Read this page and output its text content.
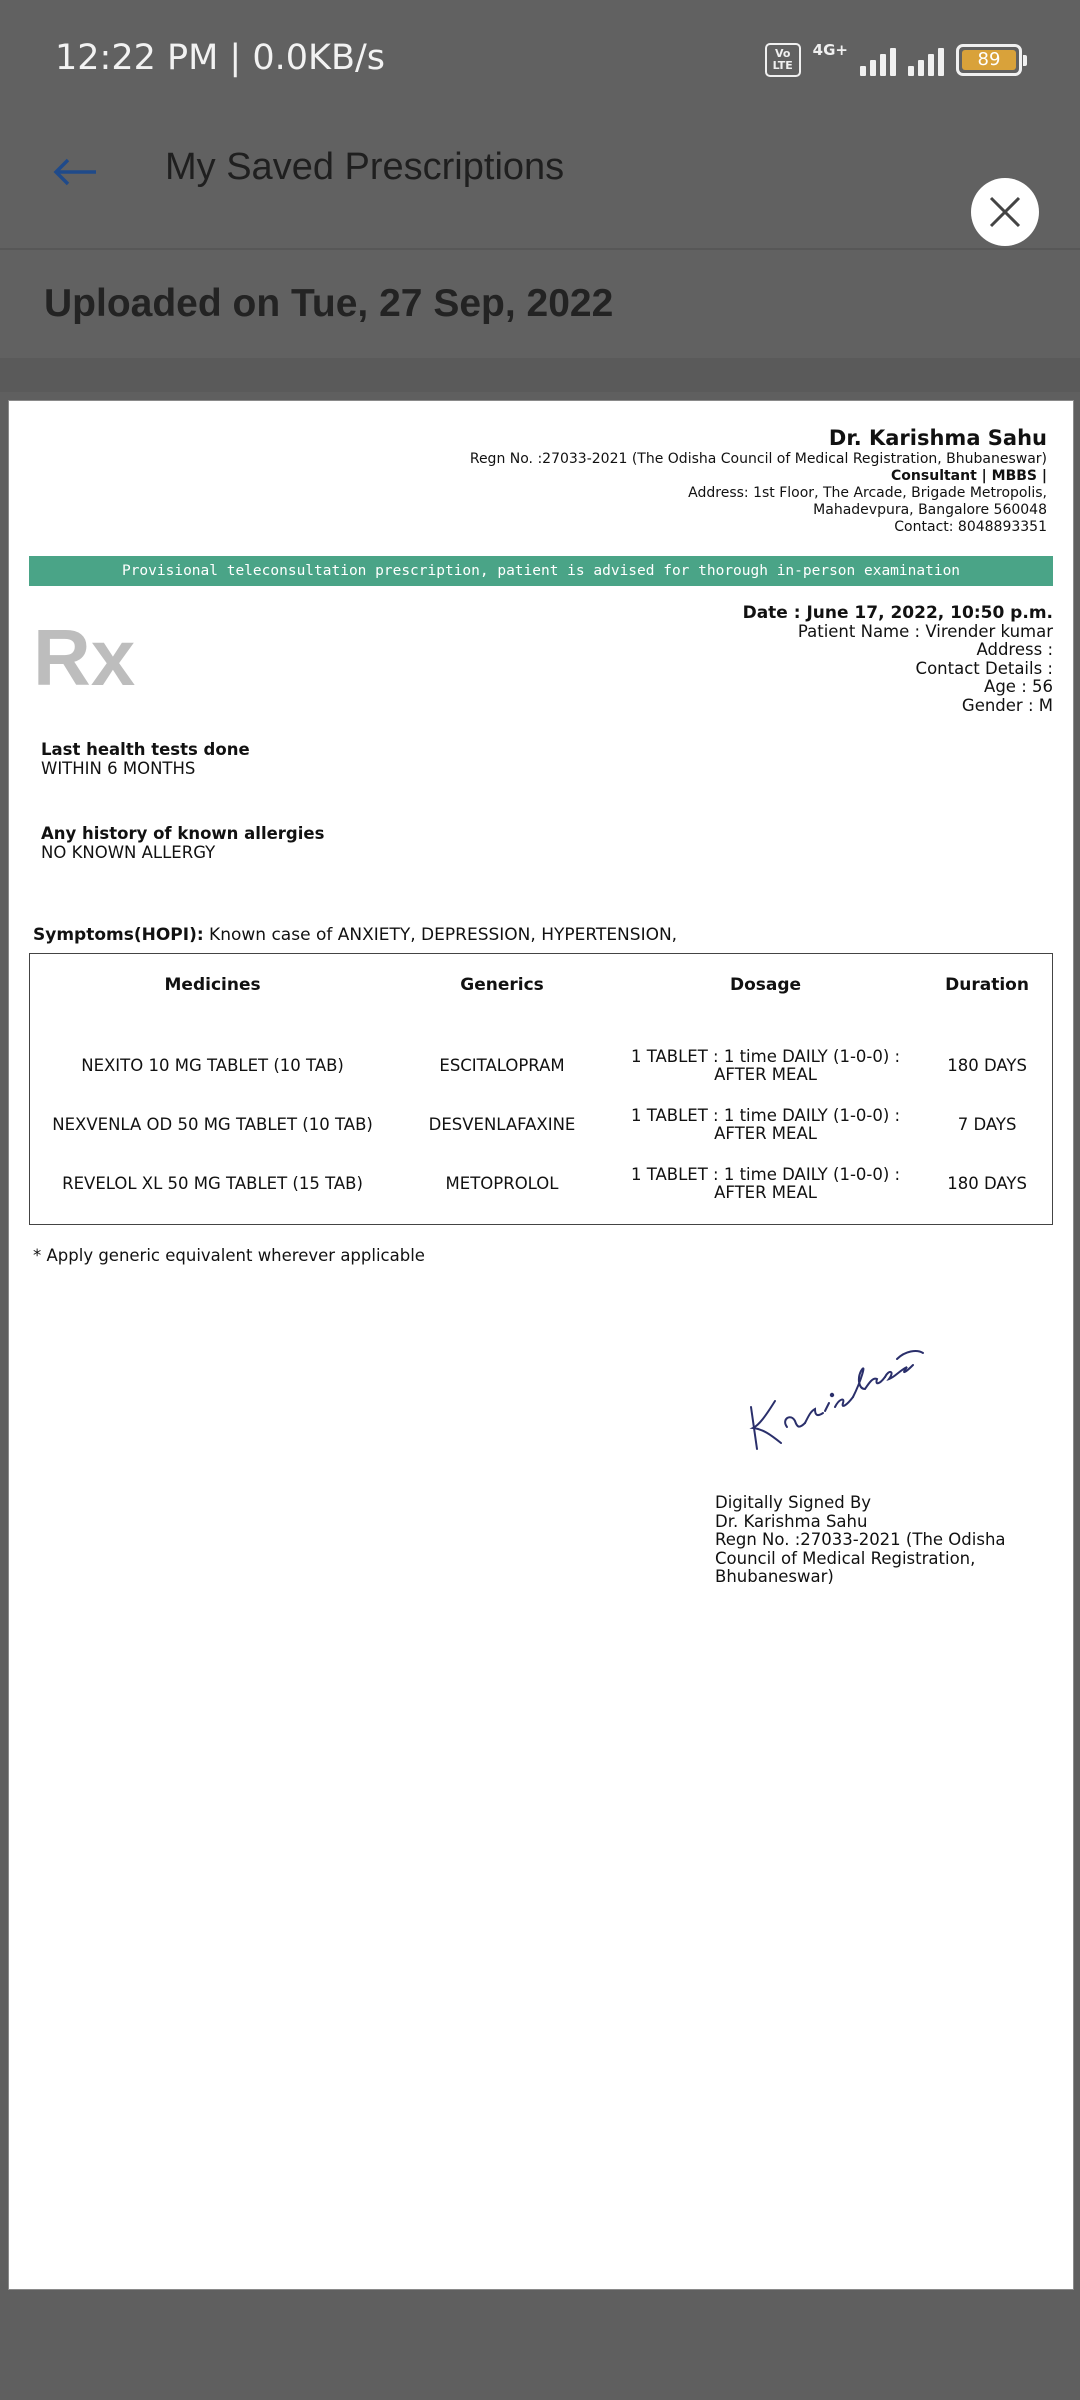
12:22 PM | 0.0KB/s	Vo LTE
4G+	89
My Saved Prescriptions
Uploaded on Tue, 27 Sep, 2022
Dr. Karishma Sahu
Regn No. :27033-2021 (The Odisha Council of Medical Registration, Bhubaneswar)
Consultant | MBBS |
Address: 1st Floor, The Arcade, Brigade Metropolis,
Mahadevpura, Bangalore 560048
Contact: 8048893351
Provisional teleconsultation prescription, patient is advised for thorough in-person examination
Rx	Date : June 17, 2022, 10:50 p.m.
Patient Name : Virender kumar
Address :
Contact Details :
Age : 56
Gender : M
Last health tests done
WITHIN 6 MONTHS
Any history of known allergies
NO KNOWN ALLERGY
Symptoms(HOPI): Known case of ANXIETY, DEPRESSION, HYPERTENSION,
Medicines	Generics	Dosage	Duration

NEXITO 10 MG TABLET (10 TAB)	ESCITALOPRAM	1 TABLET : 1 time DAILY (1-0-0) : AFTER MEAL	180 DAYS
NEXVENLA OD 50 MG TABLET (10 TAB)	DESVENLAFAXINE	1 TABLET : 1 time DAILY (1-0-0) : AFTER MEAL	7 DAYS
REVELOL XL 50 MG TABLET (15 TAB)	METOPROLOL	1 TABLET : 1 time DAILY (1-0-0) : AFTER MEAL	180 DAYS
* Apply generic equivalent wherever applicable
Digitally Signed By
Dr. Karishma Sahu
Regn No. :27033-2021 (The Odisha Council of Medical Registration, Bhubaneswar)
